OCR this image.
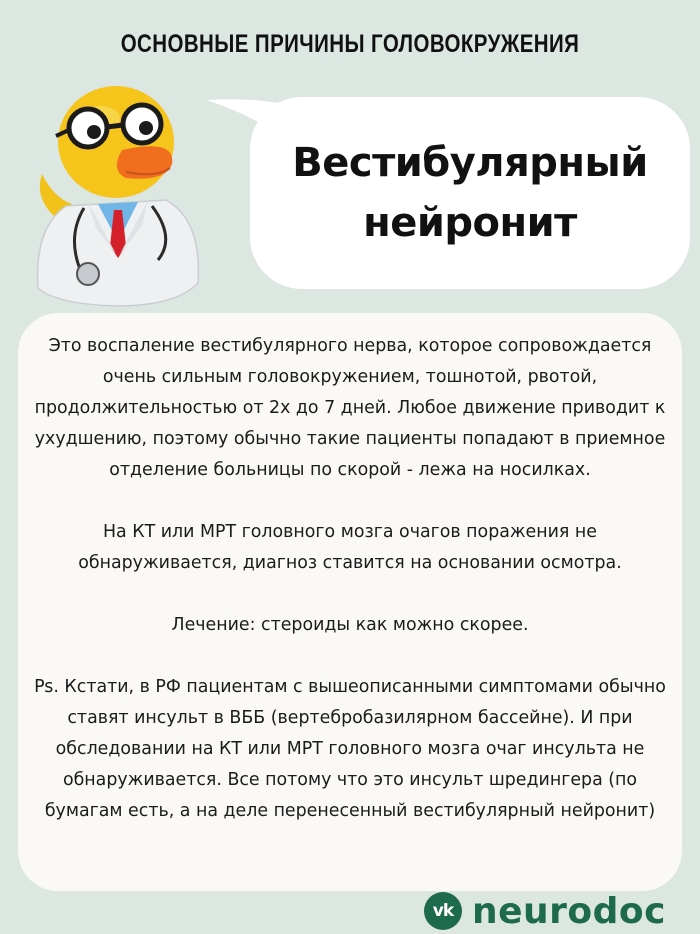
ОСНОВНЫЕ ПРИЧИНЫ ГОЛОВОКРУЖЕНИЯ
Вестибулярный
нейронит

Это воспаление вестибулярного нерва, которое сопровождается очень сильным головокружением, тошнотой, рвотой, продолжительностью от 2х до 7 дней. Любое движение приводит к ухудшению, поэтому обычно такие пациенты попадают в приемное отделение больницы по скорой - лежа на носилках.

На КТ или МРТ головного мозга очагов поражения не обнаруживается, диагноз ставится на основании осмотра.

Лечение: стероиды как можно скорее.

Ps. Кстати, в РФ пациентам с вышеописанными симптомами обычно ставят инсульт в ВББ (вертебробазилярном бассейне). И при обследовании на КТ или МРТ головного мозга очаг инсульта не обнаруживается. Все потому что это инсульт шредингера (по бумагам есть, а на деле перенесенный вестибулярный нейронит)

vk neurodoc
